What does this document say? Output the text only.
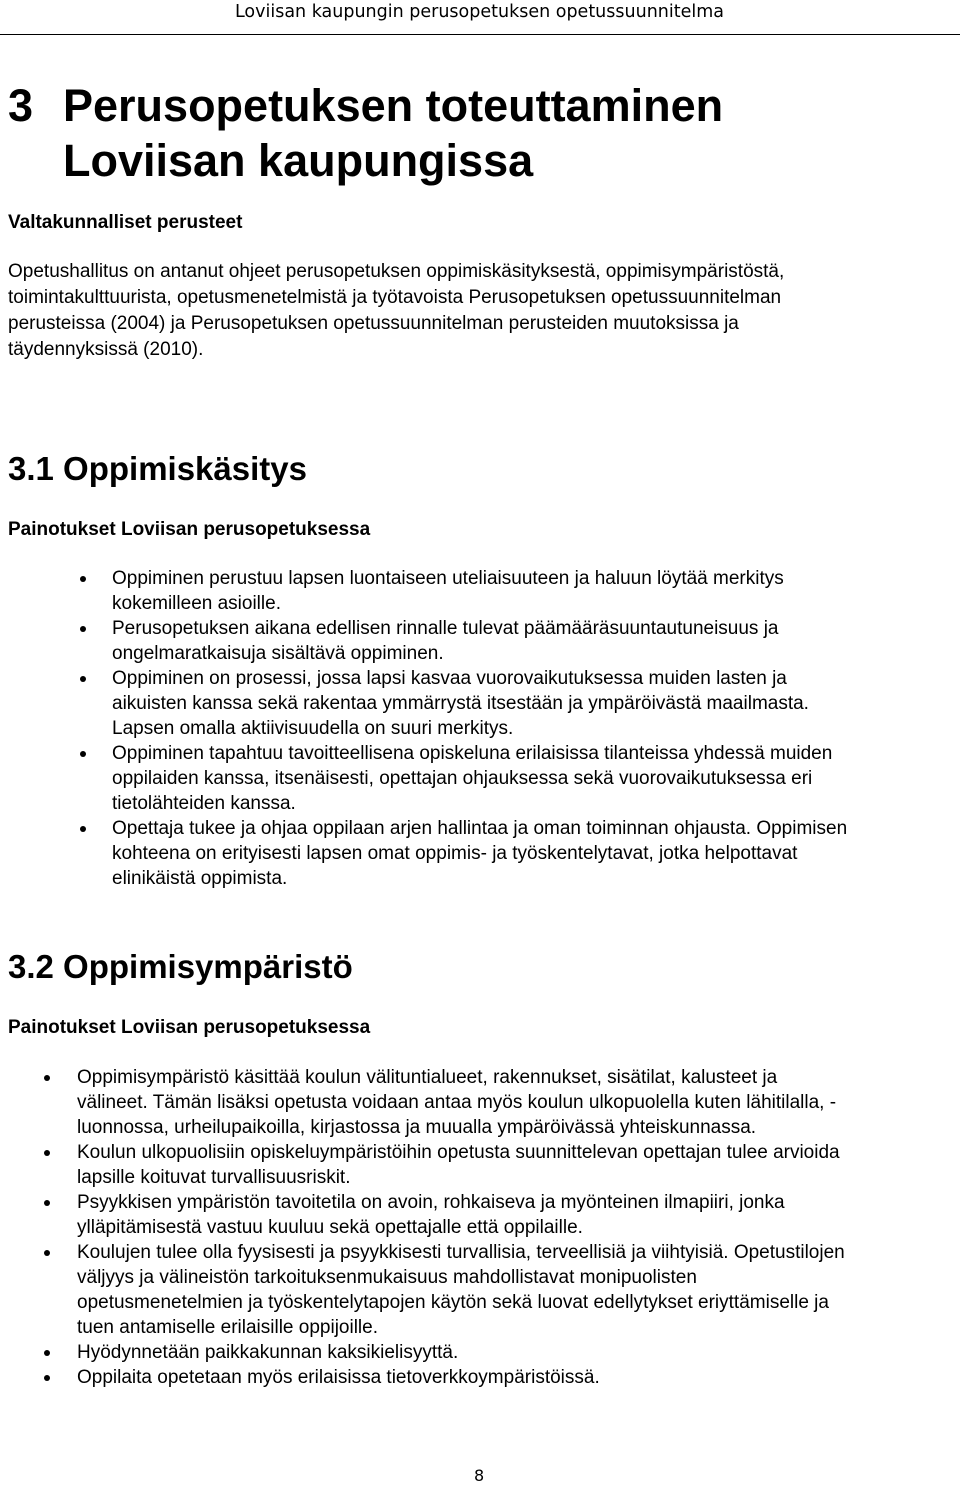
Loviisan kaupungin perusopetuksen opetussuunnitelma
3 Perusopetuksen toteuttaminen
Loviisan kaupungissa
Valtakunnalliset perusteet
Opetushallitus on antanut ohjeet perusopetuksen oppimiskäsityksestä, oppimisympäristöstä,
toimintakulttuurista, opetusmenetelmistä ja työtavoista Perusopetuksen opetussuunnitelman
perusteissa (2004) ja Perusopetuksen opetussuunnitelman perusteiden muutoksissa ja
täydennyksissä (2010).
3.1 Oppimiskäsitys
Painotukset Loviisan perusopetuksessa
Oppiminen perustuu lapsen luontaiseen uteliaisuuteen ja haluun löytää merkitys
kokemilleen asioille.
Perusopetuksen aikana edellisen rinnalle tulevat päämääräsuuntautuneisuus ja
ongelmaratkaisuja sisältävä oppiminen.
Oppiminen on prosessi, jossa lapsi kasvaa vuorovaikutuksessa muiden lasten ja
aikuisten kanssa sekä rakentaa ymmärrystä itsestään ja ympäröivästä maailmasta.
Lapsen omalla aktiivisuudella on suuri merkitys.
Oppiminen tapahtuu tavoitteellisena opiskeluna erilaisissa tilanteissa yhdessä muiden
oppilaiden kanssa, itsenäisesti, opettajan ohjauksessa sekä vuorovaikutuksessa eri
tietolähteiden kanssa.
Opettaja tukee ja ohjaa oppilaan arjen hallintaa ja oman toiminnan ohjausta. Oppimisen
kohteena on erityisesti lapsen omat oppimis- ja työskentelytavat, jotka helpottavat
elinikäistä oppimista.
3.2 Oppimisympäristö
Painotukset Loviisan perusopetuksessa
Oppimisympäristö käsittää koulun välituntialueet, rakennukset, sisätilat, kalusteet ja
välineet. Tämän lisäksi opetusta voidaan antaa myös koulun ulkopuolella kuten lähitilalla, -
luonnossa, urheilupaikoilla, kirjastossa ja muualla ympäröivässä yhteiskunnassa.
Koulun ulkopuolisiin opiskeluympäristöihin opetusta suunnittelevan opettajan tulee arvioida
lapsille koituvat turvallisuusriskit.
Psyykkisen ympäristön tavoitetila on avoin, rohkaiseva ja myönteinen ilmapiiri, jonka
ylläpitämisestä vastuu kuuluu sekä opettajalle että oppilaille.
Koulujen tulee olla fyysisesti ja psyykkisesti turvallisia, terveellisiä ja viihtyisiä. Opetustilojen
väljyys ja välineistön tarkoituksenmukaisuus mahdollistavat monipuolisten
opetusmenetelmien ja työskentelytapojen käytön sekä luovat edellytykset eriyttämiselle ja
tuen antamiselle erilaisille oppijoille.
Hyödynnetään paikkakunnan kaksikielisyyttä.
Oppilaita opetetaan myös erilaisissa tietoverkkoympäristöissä.
8
